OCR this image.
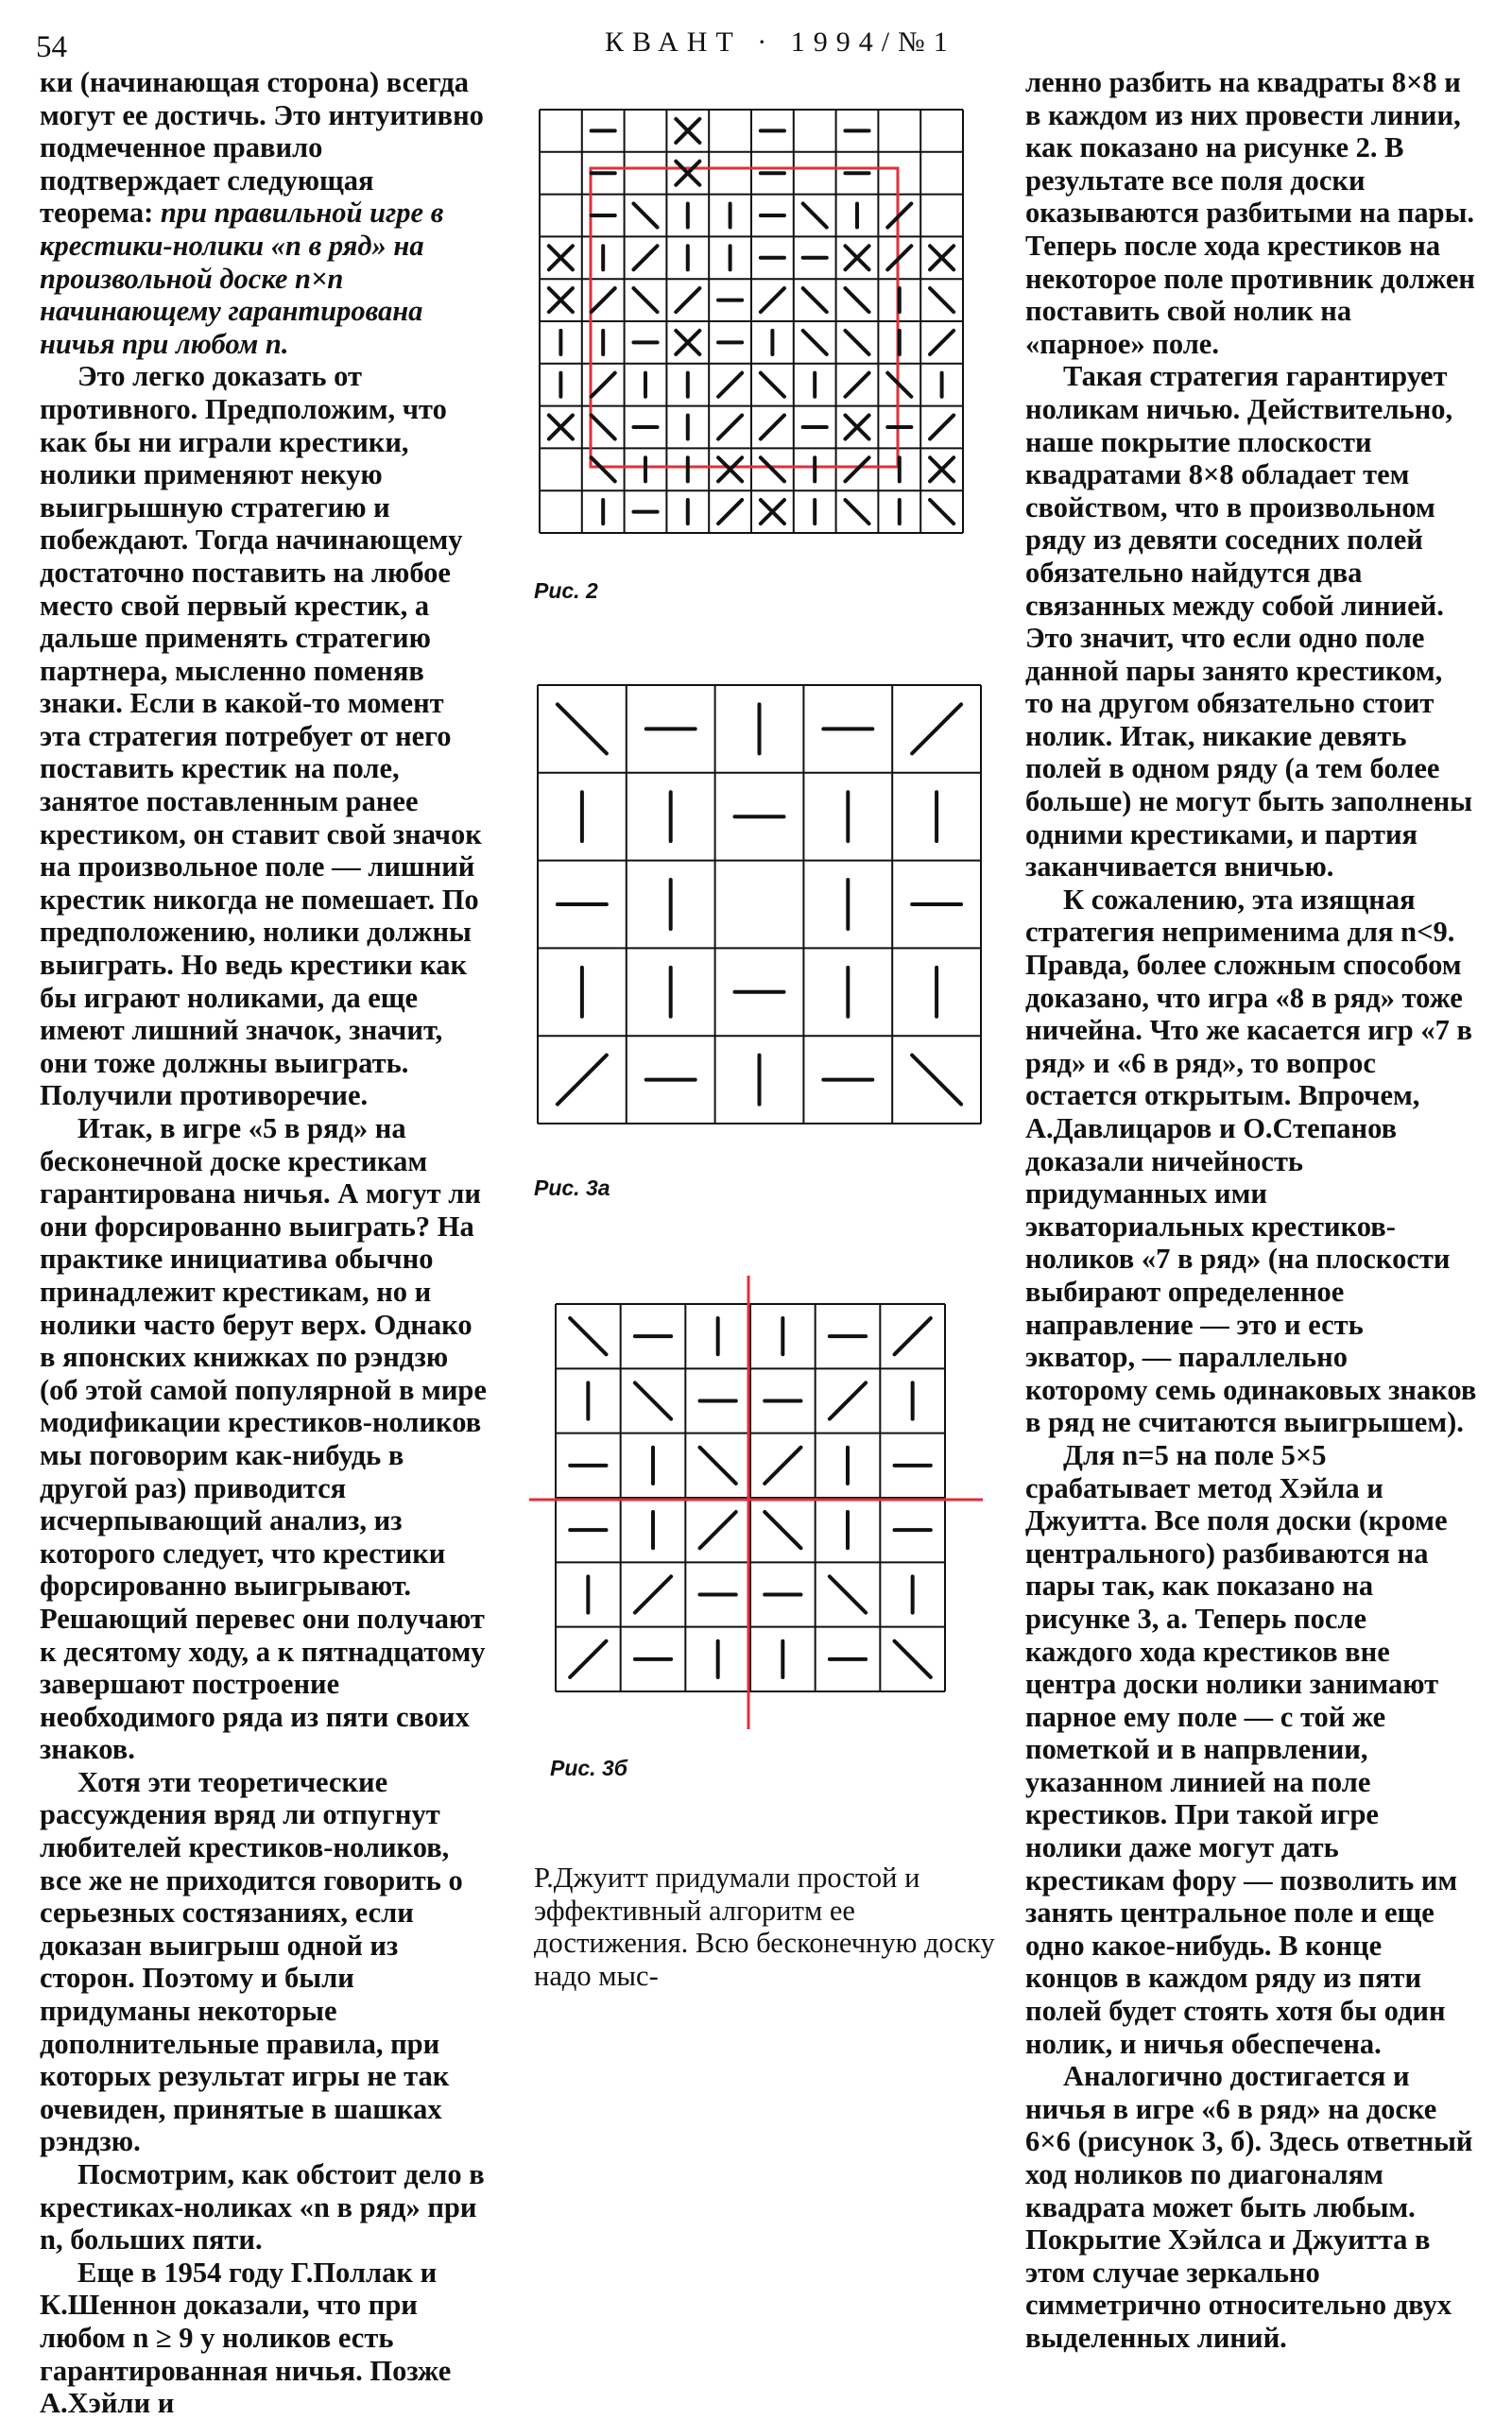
54	КВАНТ · 1994/№1

ки (начинающая сторона) всегда могут ее достичь. Это интуитивно подмеченное правило подтверждает следующая теорема: при правильной игре в крестики-нолики «n в ряд» на произвольной доске n×n начинающему гарантирована ничья при любом n.

Это легко доказать от противного. Предположим, что как бы ни играли крестики, нолики применяют некую выигрышную стратегию и побеждают. Тогда начинающему достаточно поставить на любое место свой первый крестик, а дальше применять стратегию партнера, мысленно поменяв знаки. Если в какой-то момент эта стратегия потребует от него поставить крестик на поле, занятое поставленным ранее крестиком, он ставит свой значок на произвольное поле — лишний крестик никогда не помешает. По предположению, нолики должны выиграть. Но ведь крестики как бы играют ноликами, да еще имеют лишний значок, значит, они тоже должны выиграть. Получили противоречие.

Итак, в игре «5 в ряд» на бесконечной доске крестикам гарантирована ничья. А могут ли они форсированно выиграть? На практике инициатива обычно принадлежит крестикам, но и нолики часто берут верх. Однако в японских книжках по рэндзю (об этой самой популярной в мире модификации крестиков-ноликов мы поговорим как-нибудь в другой раз) приводится исчерпывающий анализ, из которого следует, что крестики форсированно выигрывают. Решающий перевес они получают к десятому ходу, а к пятнадцатому завершают построение необходимого ряда из пяти своих знаков.

Хотя эти теоретические рассуждения вряд ли отпугнут любителей крестиков-ноликов, все же не приходится говорить о серьезных состязаниях, если доказан выигрыш одной из сторон. Поэтому и были придуманы некоторые дополнительные правила, при которых результат игры не так очевиден, принятые в шашках рэндзю.

Посмотрим, как обстоит дело в крестиках-ноликах «n в ряд» при n, больших пяти.

Еще в 1954 году Г.Поллак и К.Шеннон доказали, что при любом n ≥ 9 у ноликов есть гарантированная ничья. Позже А.Хэйли и

Рис. 2
Рис. 3а
Рис. 3б

Р.Джуитт придумали простой и эффективный алгоритм ее достижения. Всю бесконечную доску надо мыс-

ленно разбить на квадраты 8×8 и в каждом из них провести линии, как показано на рисунке 2. В результате все поля доски оказываются разбитыми на пары. Теперь после хода крестиков на некоторое поле противник должен поставить свой нолик на «парное» поле.

Такая стратегия гарантирует ноликам ничью. Действительно, наше покрытие плоскости квадратами 8×8 обладает тем свойством, что в произвольном ряду из девяти соседних полей обязательно найдутся два связанных между собой линией. Это значит, что если одно поле данной пары занято крестиком, то на другом обязательно стоит нолик. Итак, никакие девять полей в одном ряду (а тем более больше) не могут быть заполнены одними крестиками, и партия заканчивается вничью.

К сожалению, эта изящная стратегия неприменима для n<9. Правда, более сложным способом доказано, что игра «8 в ряд» тоже ничейна. Что же касается игр «7 в ряд» и «6 в ряд», то вопрос остается открытым. Впрочем, А.Давлицаров и О.Степанов доказали ничейность придуманных ими экваториальных крестиков-ноликов «7 в ряд» (на плоскости выбирают определенное направление — это и есть экватор, — параллельно которому семь одинаковых знаков в ряд не считаются выигрышем).

Для n=5 на поле 5×5 срабатывает метод Хэйла и Джуитта. Все поля доски (кроме центрального) разбиваются на пары так, как показано на рисунке 3, а. Теперь после каждого хода крестиков вне центра доски нолики занимают парное ему поле — с той же пометкой и в напрвлении, указанном линией на поле крестиков. При такой игре нолики даже могут дать крестикам фору — позволить им занять центральное поле и еще одно какое-нибудь. В конце концов в каждом ряду из пяти полей будет стоять хотя бы один нолик, и ничья обеспечена.

Аналогично достигается и ничья в игре «6 в ряд» на доске 6×6 (рисунок 3, б). Здесь ответный ход ноликов по диагоналям квадрата может быть любым. Покрытие Хэйлса и Джуитта в этом случае зеркально симметрично относительно двух выделенных линий.
